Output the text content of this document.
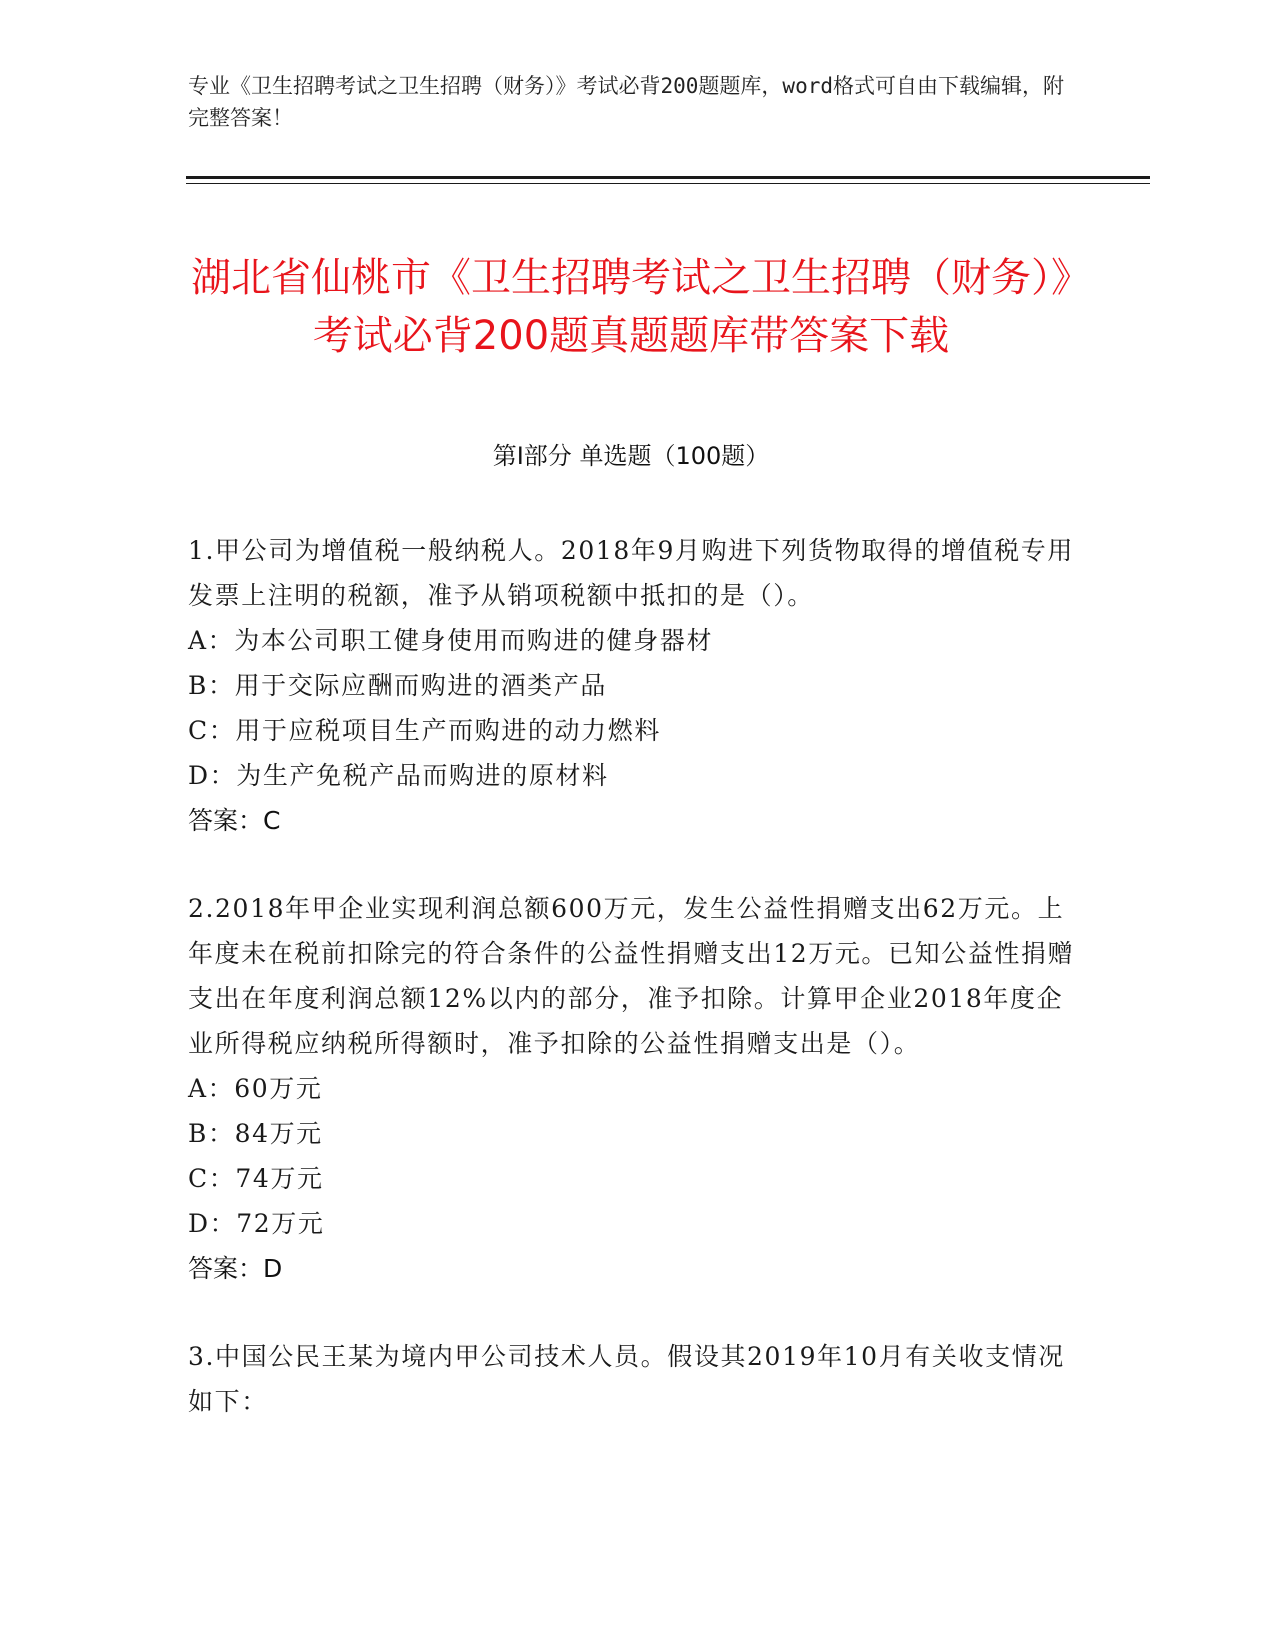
专业《卫生招聘考试之卫生招聘（财务）》考试必背200题题库，word格式可自由下载编辑，附完整答案！
湖北省仙桃市《卫生招聘考试之卫生招聘（财务）》考试必背200题真题题库带答案下载
第I部分 单选题（100题）

1.甲公司为增值税一般纳税人。2018年9月购进下列货物取得的增值税专用发票上注明的税额，准予从销项税额中抵扣的是（）。

A：为本公司职工健身使用而购进的健身器材

B：用于交际应酬而购进的酒类产品

C：用于应税项目生产而购进的动力燃料

D：为生产免税产品而购进的原材料

答案：C

2.2018年甲企业实现利润总额600万元，发生公益性捐赠支出62万元。上年度未在税前扣除完的符合条件的公益性捐赠支出12万元。已知公益性捐赠支出在年度利润总额12%以内的部分，准予扣除。计算甲企业2018年度企业所得税应纳税所得额时，准予扣除的公益性捐赠支出是（）。

A：60万元

B：84万元

C：74万元

D：72万元

答案：D

3.中国公民王某为境内甲公司技术人员。假设其2019年10月有关收支情况如下：
